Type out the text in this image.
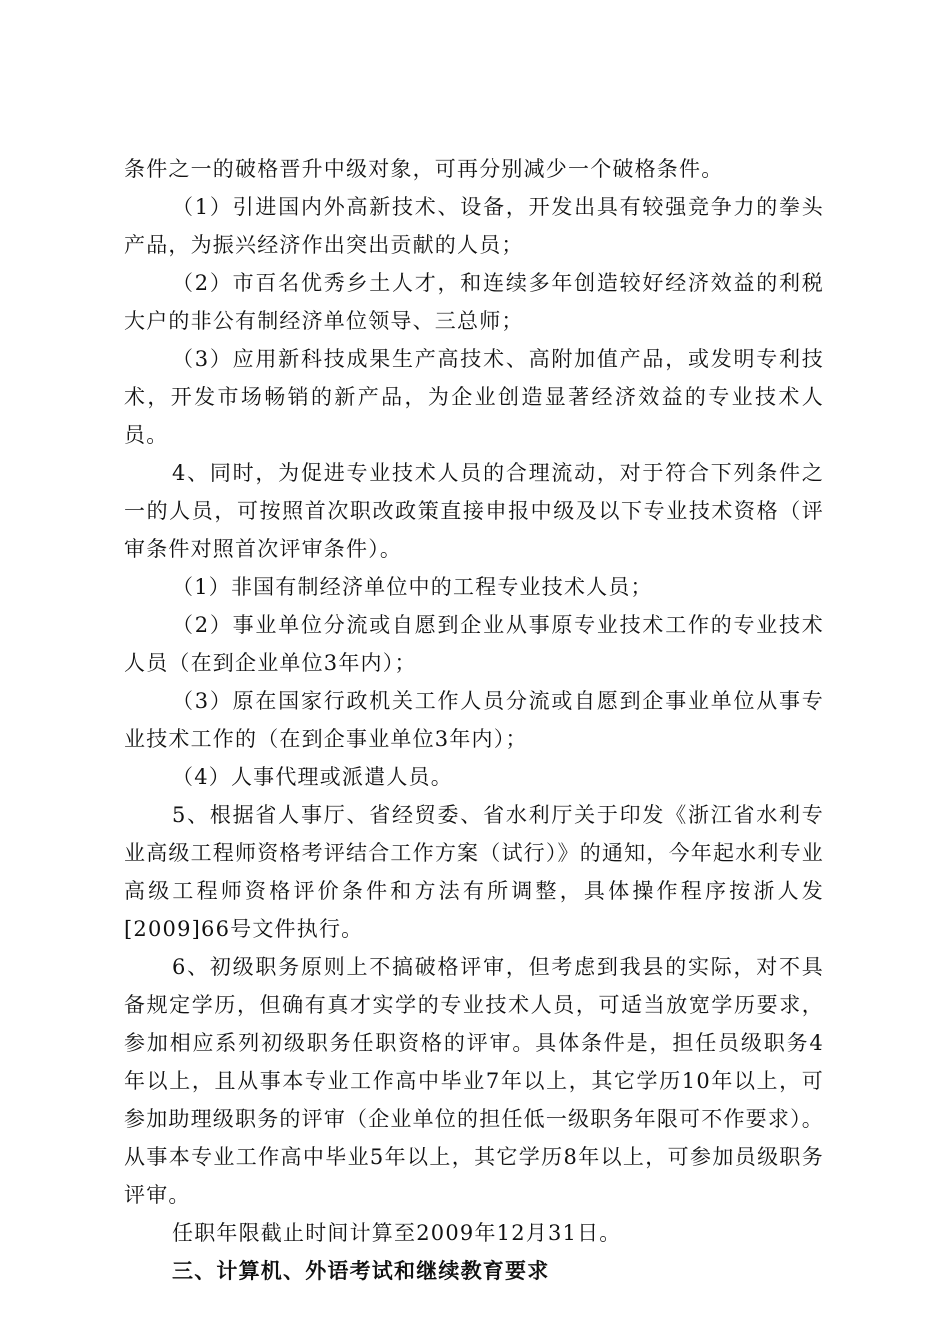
条件之一的破格晋升中级对象，可再分别减少一个破格条件。

（1）引进国内外高新技术、设备，开发出具有较强竞争力的拳头产品，为振兴经济作出突出贡献的人员；

（2）市百名优秀乡土人才，和连续多年创造较好经济效益的利税大户的非公有制经济单位领导、三总师；

（3）应用新科技成果生产高技术、高附加值产品，或发明专利技术，开发市场畅销的新产品，为企业创造显著经济效益的专业技术人员。

4、同时，为促进专业技术人员的合理流动，对于符合下列条件之一的人员，可按照首次职改政策直接申报中级及以下专业技术资格（评审条件对照首次评审条件）。

（1）非国有制经济单位中的工程专业技术人员；

（2）事业单位分流或自愿到企业从事原专业技术工作的专业技术人员（在到企业单位3年内）；

（3）原在国家行政机关工作人员分流或自愿到企事业单位从事专业技术工作的（在到企事业单位3年内）；

（4）人事代理或派遣人员。

5、根据省人事厅、省经贸委、省水利厅关于印发《浙江省水利专业高级工程师资格考评结合工作方案（试行）》的通知，今年起水利专业高级工程师资格评价条件和方法有所调整，具体操作程序按浙人发[2009]66号文件执行。

6、初级职务原则上不搞破格评审，但考虑到我县的实际，对不具备规定学历，但确有真才实学的专业技术人员，可适当放宽学历要求，参加相应系列初级职务任职资格的评审。具体条件是，担任员级职务4年以上，且从事本专业工作高中毕业7年以上，其它学历10年以上，可参加助理级职务的评审（企业单位的担任低一级职务年限可不作要求）。从事本专业工作高中毕业5年以上，其它学历8年以上，可参加员级职务评审。

任职年限截止时间计算至2009年12月31日。

三、计算机、外语考试和继续教育要求
